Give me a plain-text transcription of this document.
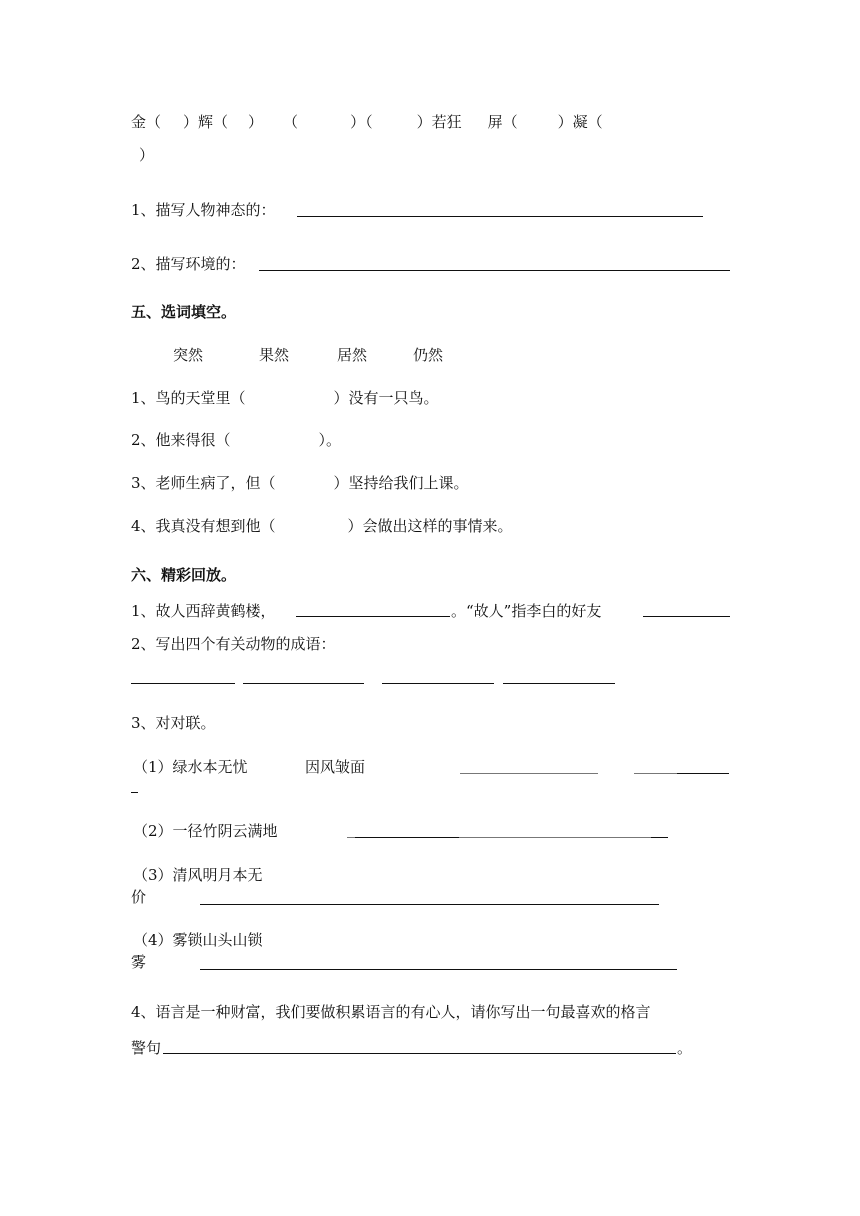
金（ ）辉（ ） （	）（	）若狂 屏（	）凝（
）
1、描写人物神态的：
2、描写环境的：
五、选词填空。
突然	果然	居然	仍然
1、鸟的天堂里（	）没有一只鸟。
2、他来得很（	）。
3、老师生病了，但（	）坚持给我们上课。
4、我真没有想到他（	）会做出这样的事情来。
六、精彩回放。
1、故人西辞黄鹤楼，	。“故人”指李白的好友
2、写出四个有关动物的成语：
3、对对联。
（1）绿水本无忧	因风皱面
（2）一径竹阴云满地
（3）清风明月本无
价
（4）雾锁山头山锁
雾
4、语言是一种财富，我们要做积累语言的有心人，请你写出一句最喜欢的格言
警句	。
